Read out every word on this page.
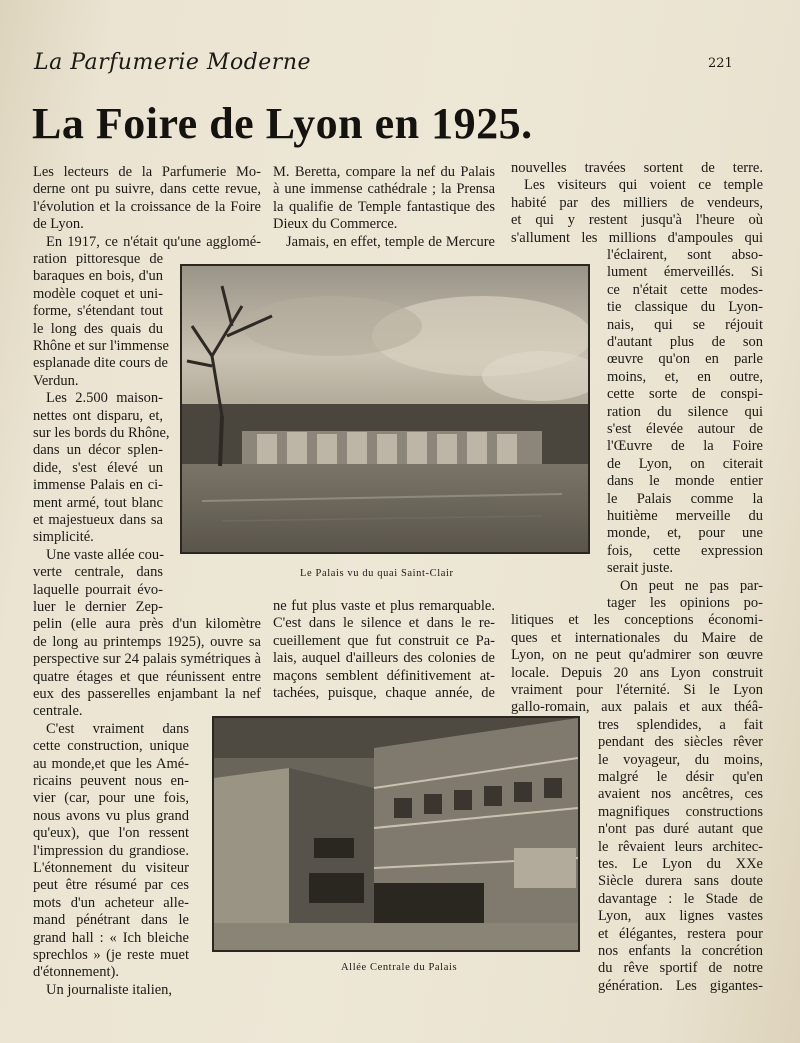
La Parfumerie Moderne	221
La Foire de Lyon en 1925.
Les lecteurs de la Parfumerie Mo-
derne ont pu suivre, dans cette revue,
l'évolution et la croissance de la Foire
de Lyon.
En 1917, ce n'était qu'une agglomé-
ration pittoresque de
baraques en bois, d'un
modèle coquet et uni-
forme, s'étendant tout
le long des quais du
Rhône et sur l'immense
esplanade dite cours de
Verdun.
Les 2.500 maison-
nettes ont disparu, et,
sur les bords du Rhône,
dans un décor splen-
dide, s'est élevé un
immense Palais en ci-
ment armé, tout blanc
et majestueux dans sa
simplicité.
Une vaste allée cou-
verte centrale, dans
laquelle pourrait évo-
luer le dernier Zep-
pelin (elle aura près d'un kilomètre
de long au printemps 1925), ouvre sa
perspective sur 24 palais symétriques à
quatre étages et que réunissent entre
eux des passerelles enjambant la nef
centrale.
C'est vraiment dans
cette construction, unique
au monde,et que les Amé-
ricains peuvent nous en-
vier (car, pour une fois,
nous avons vu plus grand
qu'eux), que l'on ressent
l'impression du grandiose.
L'étonnement du visiteur
peut être résumé par ces
mots d'un acheteur alle-
mand pénétrant dans le
grand hall : « Ich bleiche
sprechlos » (je reste muet
d'étonnement).
Un journaliste italien,
M. Beretta, compare la nef du Palais
à une immense cathédrale ; la Prensa
la qualifie de Temple fantastique des
Dieux du Commerce.
Jamais, en effet, temple de Mercure
ne fut plus vaste et plus remarquable.
C'est dans le silence et dans le re-
cueillement que fut construit ce Pa-
lais, auquel d'ailleurs des colonies de
maçons semblent définitivement at-
tachées, puisque, chaque année, de
nouvelles travées sortent de terre.
Les visiteurs qui voient ce temple
habité par des milliers de vendeurs,
et qui y restent jusqu'à l'heure où
s'allument les millions d'ampoules qui
l'éclairent, sont abso-
lument émerveillés. Si
ce n'était cette modes-
tie classique du Lyon-
nais, qui se réjouit
d'autant plus de son
œuvre qu'on en parle
moins, et, en outre,
cette sorte de conspi-
ration du silence qui
s'est élevée autour de
l'Œuvre de la Foire
de Lyon, on citerait
dans le monde entier
le Palais comme la
huitième merveille du
monde, et, pour une
fois, cette expression
serait juste.
On peut ne pas par-
tager les opinions po-
litiques et les conceptions économi-
ques et internationales du Maire de
Lyon, on ne peut qu'admirer son œuvre
locale. Depuis 20 ans Lyon construit
vraiment pour l'éternité. Si le Lyon
gallo-romain, aux palais et aux théâ-
tres splendides, a fait
pendant des siècles rêver
le voyageur, du moins,
malgré le désir qu'en
avaient nos ancêtres, ces
magnifiques constructions
n'ont pas duré autant que
le rêvaient leurs architec-
tes. Le Lyon du XXe
Siècle durera sans doute
davantage : le Stade de
Lyon, aux lignes vastes
et élégantes, restera pour
nos enfants la concrétion
du rêve sportif de notre
génération. Les gigantes-
Le Palais vu du quai Saint-Clair
Allée Centrale du Palais
